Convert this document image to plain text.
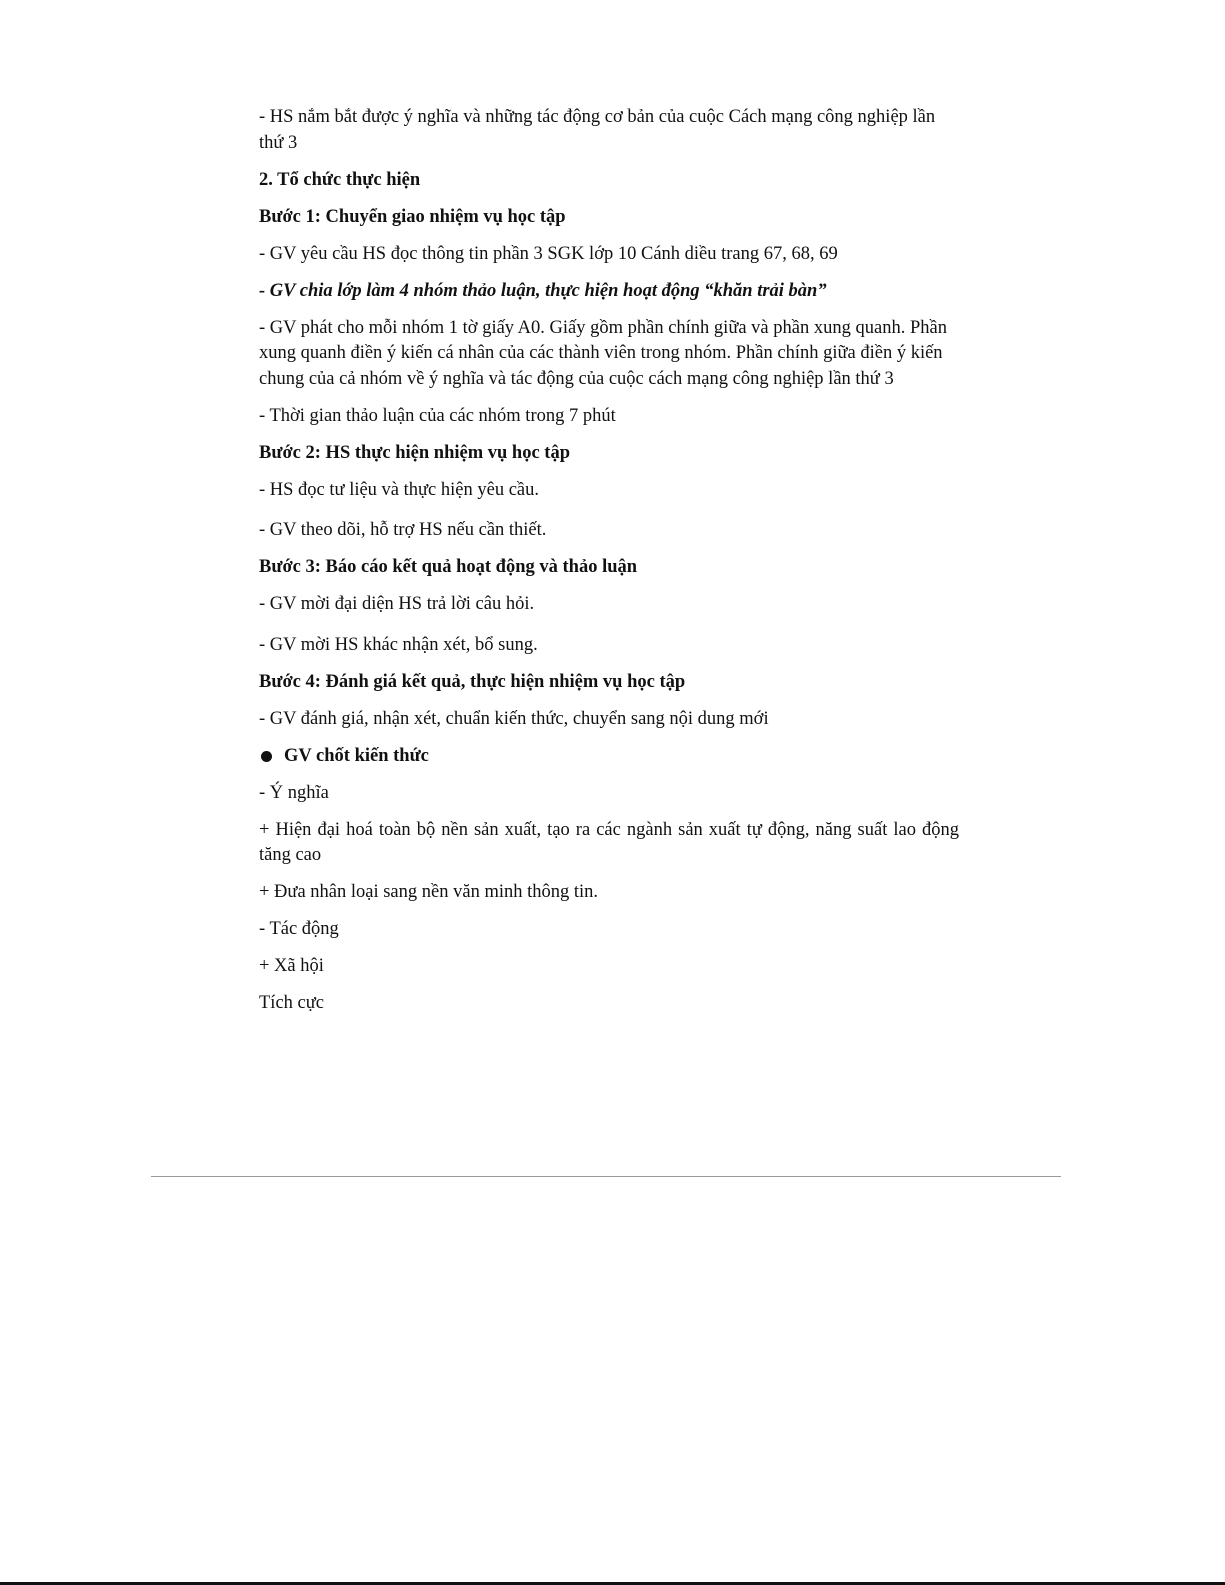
- HS nắm bắt được ý nghĩa và những tác động cơ bản của cuộc Cách mạng công nghiệp lần thứ 3

2. Tổ chức thực hiện

Bước 1: Chuyển giao nhiệm vụ học tập

- GV yêu cầu HS đọc thông tin phần 3 SGK lớp 10 Cánh diều trang 67, 68, 69

- GV chia lớp làm 4 nhóm thảo luận, thực hiện hoạt động “khăn trải bàn”

- GV phát cho mỗi nhóm 1 tờ giấy A0. Giấy gồm phần chính giữa và phần xung quanh. Phần xung quanh điền ý kiến cá nhân của các thành viên trong nhóm. Phần chính giữa điền ý kiến chung của cả nhóm về ý nghĩa và tác động của cuộc cách mạng công nghiệp lần thứ 3

- Thời gian thảo luận của các nhóm trong 7 phút

Bước 2: HS thực hiện nhiệm vụ học tập

- HS đọc tư liệu và thực hiện yêu cầu.

- GV theo dõi, hỗ trợ HS nếu cần thiết.

Bước 3: Báo cáo kết quả hoạt động và thảo luận

- GV mời đại diện HS trả lời câu hỏi.

- GV mời HS khác nhận xét, bổ sung.

Bước 4: Đánh giá kết quả, thực hiện nhiệm vụ học tập

- GV đánh giá, nhận xét, chuẩn kiến thức, chuyển sang nội dung mới

GV chốt kiến thức

- Ý nghĩa

+ Hiện đại hoá toàn bộ nền sản xuất, tạo ra các ngành sản xuất tự động, năng suất lao động tăng cao

+ Đưa nhân loại sang nền văn minh thông tin.

- Tác động

+ Xã hội

Tích cực
